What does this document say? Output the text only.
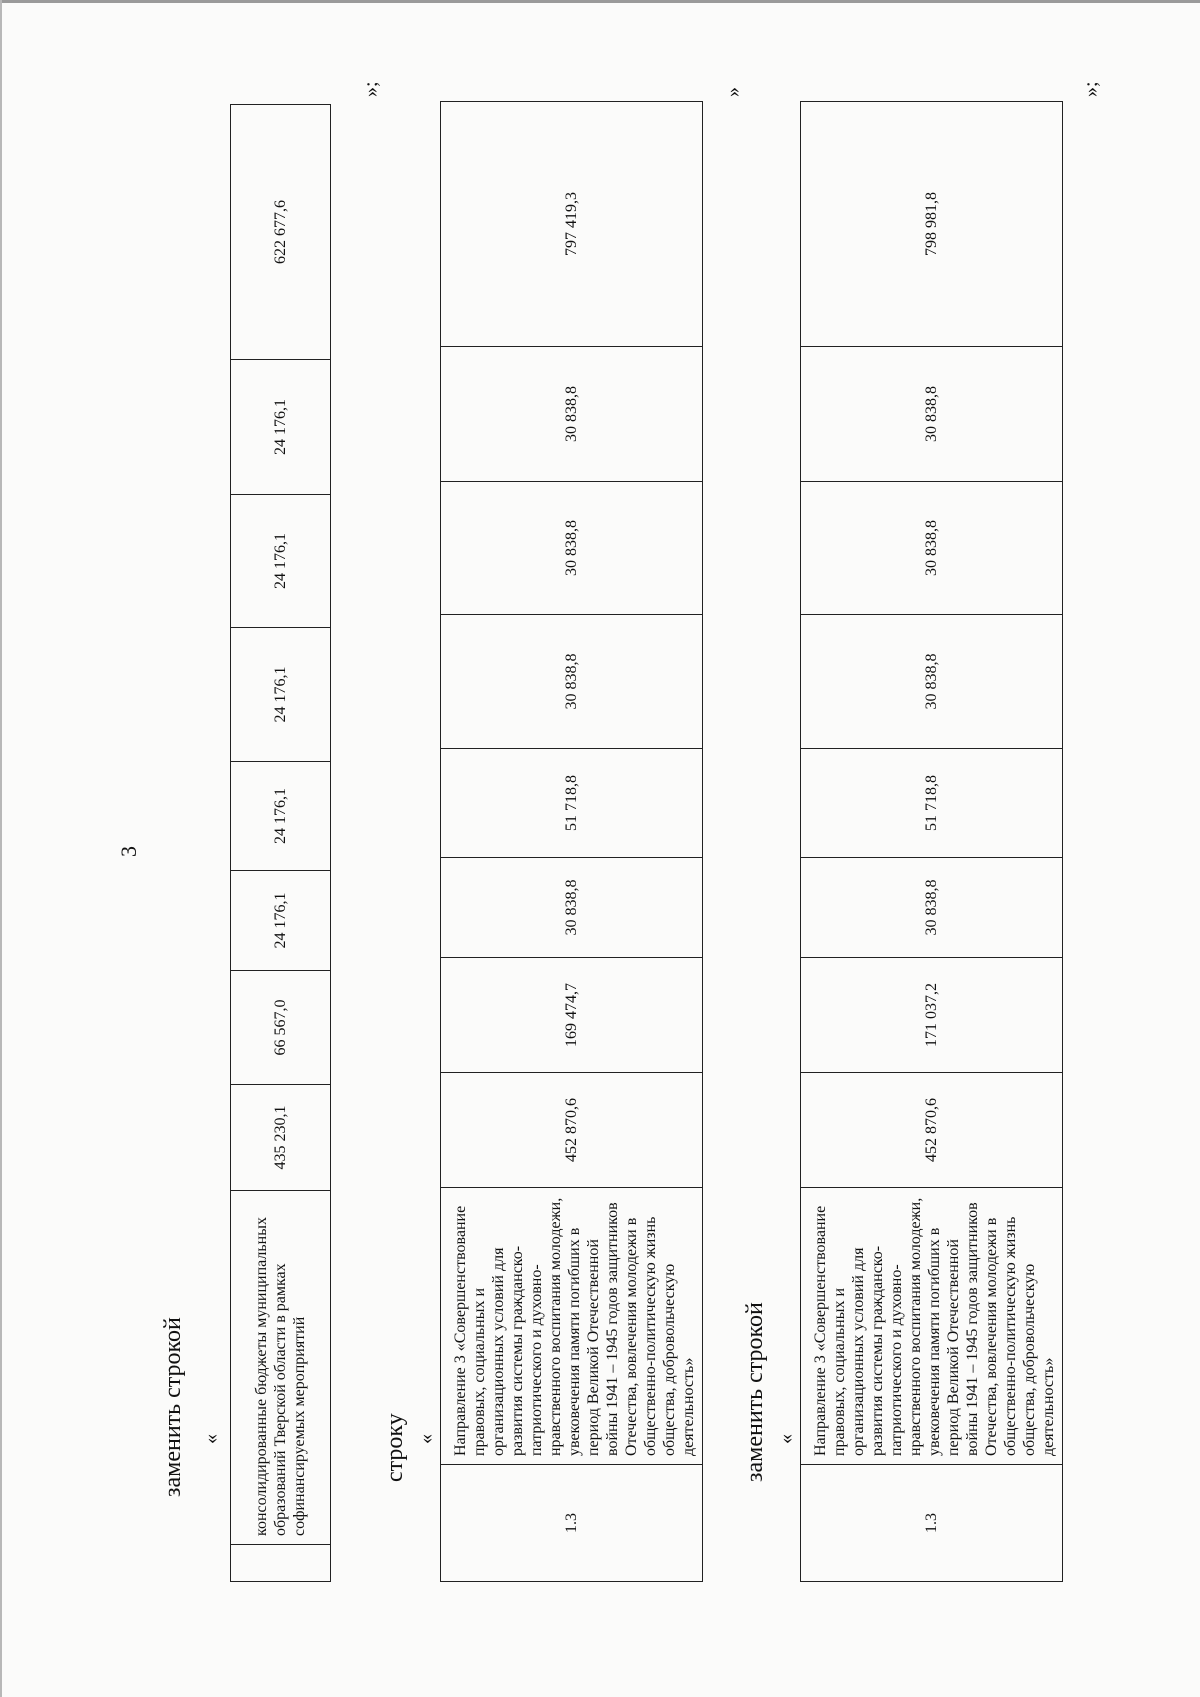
3
заменить строкой «
	консолидированные бюджеты муниципальных образований Тверской области в рамках софинансируемых мероприятий	435 230,1	66 567,0	24 176,1	24 176,1	24 176,1	24 176,1	24 176,1	622 677,6
»;
строку «
1.3	Направление 3 «Совершенствование правовых, социальных и организационных условий для развития системы гражданско-патриотического и духовно-нравственного воспитания молодежи, увековечения памяти погибших в период Великой Отечественной войны 1941 – 1945 годов защитников Отечества, вовлечения молодежи в общественно-политическую жизнь общества, добровольческую деятельность»	452 870,6	169 474,7	30 838,8	51 718,8	30 838,8	30 838,8	30 838,8	797 419,3
»
заменить строкой «
1.3	Направление 3 «Совершенствование правовых, социальных и организационных условий для развития системы гражданско-патриотического и духовно-нравственного воспитания молодежи, увековечения памяти погибших в период Великой Отечественной войны 1941 – 1945 годов защитников Отечества, вовлечения молодежи в общественно-политическую жизнь общества, добровольческую деятельность»	452 870,6	171 037,2	30 838,8	51 718,8	30 838,8	30 838,8	30 838,8	798 981,8
»;
